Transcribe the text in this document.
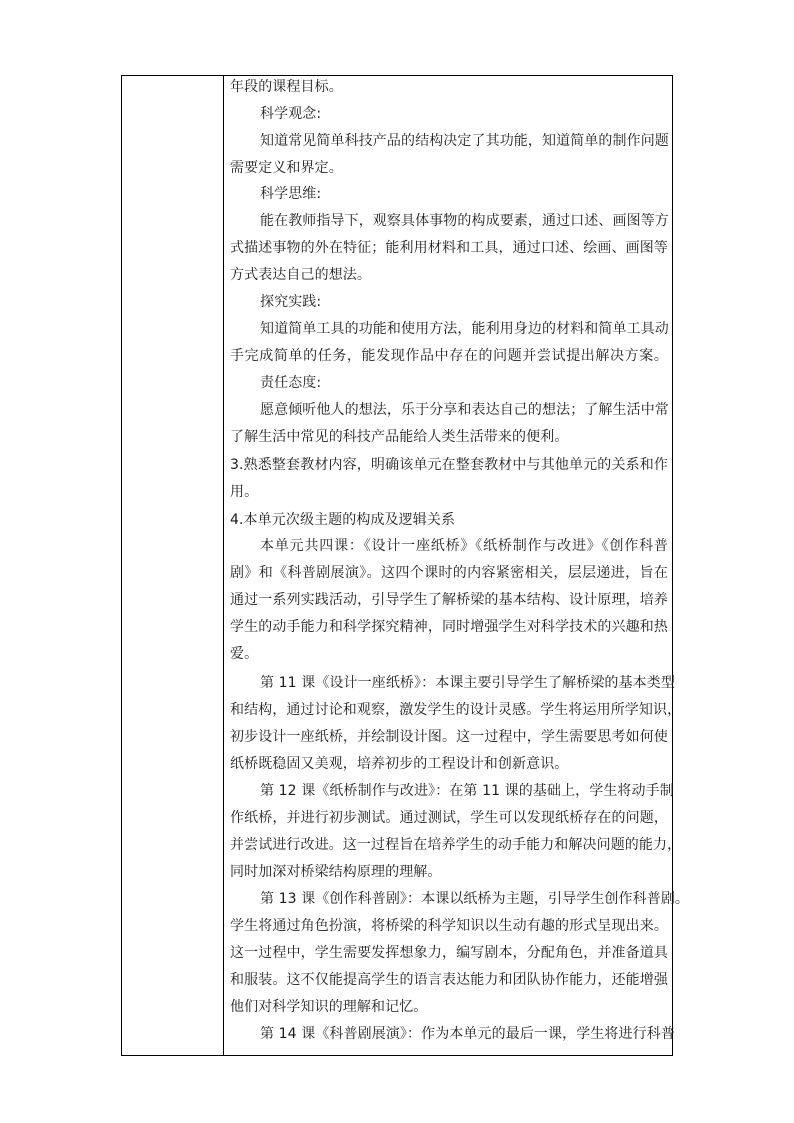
年段的课程目标。
科学观念:
知道常见简单科技产品的结构决定了其功能，知道简单的制作问题
需要定义和界定。
科学思维:
能在教师指导下，观察具体事物的构成要素，通过口述、画图等方
式描述事物的外在特征；能利用材料和工具，通过口述、绘画、画图等
方式表达自己的想法。
探究实践:
知道简单工具的功能和使用方法，能利用身边的材料和简单工具动
手完成简单的任务，能发现作品中存在的问题并尝试提出解决方案。
责任态度:
愿意倾听他人的想法，乐于分享和表达自己的想法；了解生活中常
了解生活中常见的科技产品能给人类生活带来的便利。
3.熟悉整套教材内容，明确该单元在整套教材中与其他单元的关系和作
用。
4.本单元次级主题的构成及逻辑关系
本单元共四课：《设计一座纸桥》《纸桥制作与改进》《创作科普
剧》和《科普剧展演》。这四个课时的内容紧密相关，层层递进，旨在
通过一系列实践活动，引导学生了解桥梁的基本结构、设计原理，培养
学生的动手能力和科学探究精神，同时增强学生对科学技术的兴趣和热
爱。
第 11 课《设计一座纸桥》：本课主要引导学生了解桥梁的基本类型
和结构，通过讨论和观察，激发学生的设计灵感。学生将运用所学知识，
初步设计一座纸桥，并绘制设计图。这一过程中，学生需要思考如何使
纸桥既稳固又美观，培养初步的工程设计和创新意识。
第 12 课《纸桥制作与改进》：在第 11 课的基础上，学生将动手制
作纸桥，并进行初步测试。通过测试，学生可以发现纸桥存在的问题，
并尝试进行改进。这一过程旨在培养学生的动手能力和解决问题的能力，
同时加深对桥梁结构原理的理解。
第 13 课《创作科普剧》：本课以纸桥为主题，引导学生创作科普剧。
学生将通过角色扮演，将桥梁的科学知识以生动有趣的形式呈现出来。
这一过程中，学生需要发挥想象力，编写剧本，分配角色，并准备道具
和服装。这不仅能提高学生的语言表达能力和团队协作能力，还能增强
他们对科学知识的理解和记忆。
第 14 课《科普剧展演》：作为本单元的最后一课，学生将进行科普
